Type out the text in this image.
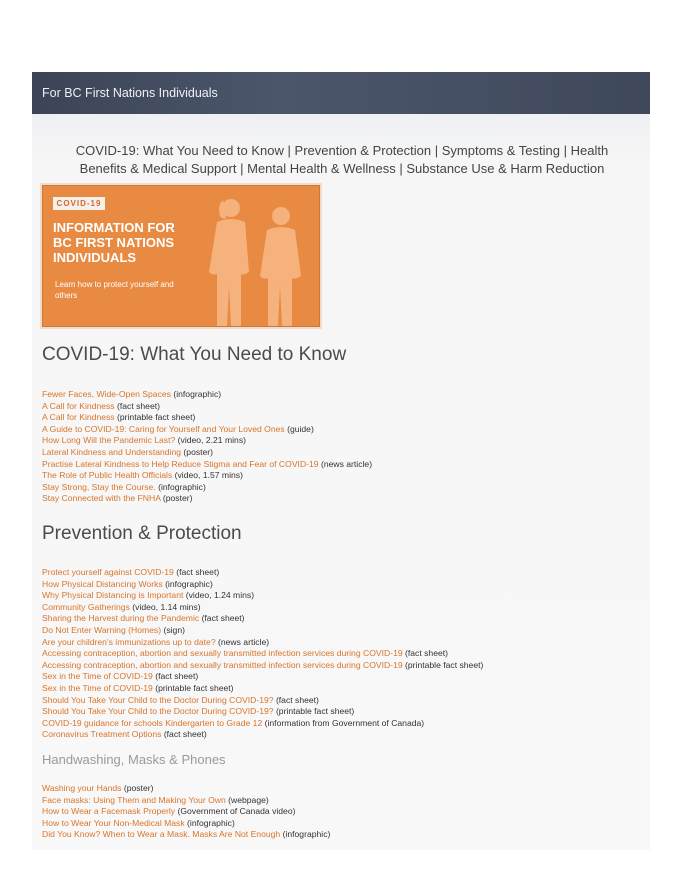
For BC First Nations Individuals
COVID-19: What You Need to Know | Prevention & Protection | Symptoms & Testing | Health Benefits & Medical Support | Mental Health & Wellness | Substance Use & Harm Reduction
COVID-19
INFORMATION FOR
BC FIRST NATIONS
INDIVIDUALS
Learn how to protect yourself and others
COVID-19: What You Need to Know
Fewer Faces, Wide-Open Spaces (infographic)
A Call for Kindness (fact sheet)
A Call for Kindness (printable fact sheet)
A Guide to COVID-19: Caring for Yourself and Your Loved Ones (guide)
How Long Will the Pandemic Last? (video, 2.21 mins)
Lateral Kindness and Understanding (poster)
Practise Lateral Kindness to Help Reduce Stigma and Fear of COVID-19 (news article)
The Role of Public Health Officials (video, 1.57 mins)
Stay Strong, Stay the Course. (infographic)
Stay Connected with the FNHA (poster)
Prevention & Protection
Protect yourself against COVID-19 (fact sheet)
How Physical Distancing Works (infographic)
Why Physical Distancing is Important (video, 1.24 mins)
Community Gatherings (video, 1.14 mins)
Sharing the Harvest during the Pandemic (fact sheet)
Do Not Enter Warning (Homes) (sign)
Are your children's immunizations up to date? (news article)
Accessing contraception, abortion and sexually transmitted infection services during COVID-19 (fact sheet)
Accessing contraception, abortion and sexually transmitted infection services during COVID-19 (printable fact sheet)
Sex in the Time of COVID-19 (fact sheet)
Sex in the Time of COVID-19 (printable fact sheet)
Should You Take Your Child to the Doctor During COVID-19? (fact sheet)
Should You Take Your Child to the Doctor During COVID-19? (printable fact sheet)
COVID-19 guidance for schools Kindergarten to Grade 12 (information from Government of Canada)
Coronavirus Treatment Options (fact sheet)
Handwashing, Masks & Phones
Washing your Hands (poster)
Face masks: Using Them and Making Your Own (webpage)
How to Wear a Facemask Properly (Government of Canada video)
How to Wear Your Non-Medical Mask (infographic)
Did You Know? When to Wear a Mask. Masks Are Not Enough (infographic)
